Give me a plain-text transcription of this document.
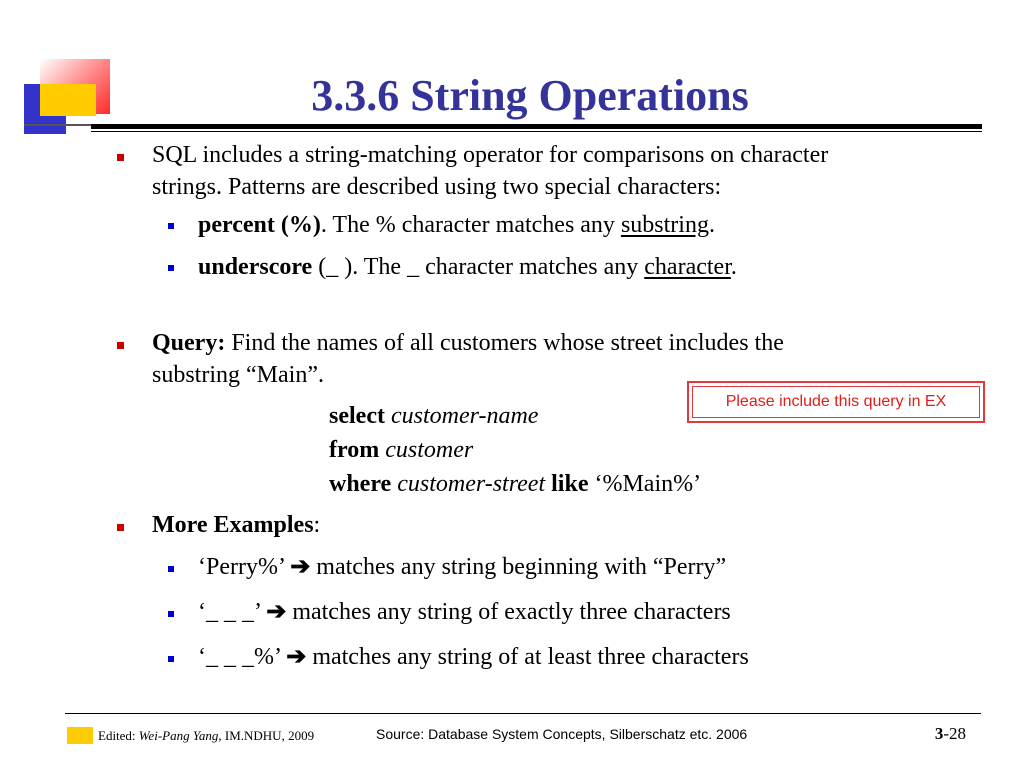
3.3.6 String Operations
SQL includes a string-matching operator for comparisons on character
strings. Patterns are described using two special characters:
percent (%). The % character matches any substring.
underscore (_ ). The _ character matches any character.
Query: Find the names of all customers whose street includes the
substring “Main”.
select customer-name
from customer
where customer-street like ‘%Main%’
Please include this query in EX
More Examples:
‘Perry%’ ➔ matches any string beginning with “Perry”
‘_ _ _’ ➔ matches any string of exactly three characters
‘_ _ _%’ ➔ matches any string of at least three characters
Edited: Wei-Pang Yang, IM.NDHU, 2009	Source: Database System Concepts, Silberschatz etc. 2006	3-28
